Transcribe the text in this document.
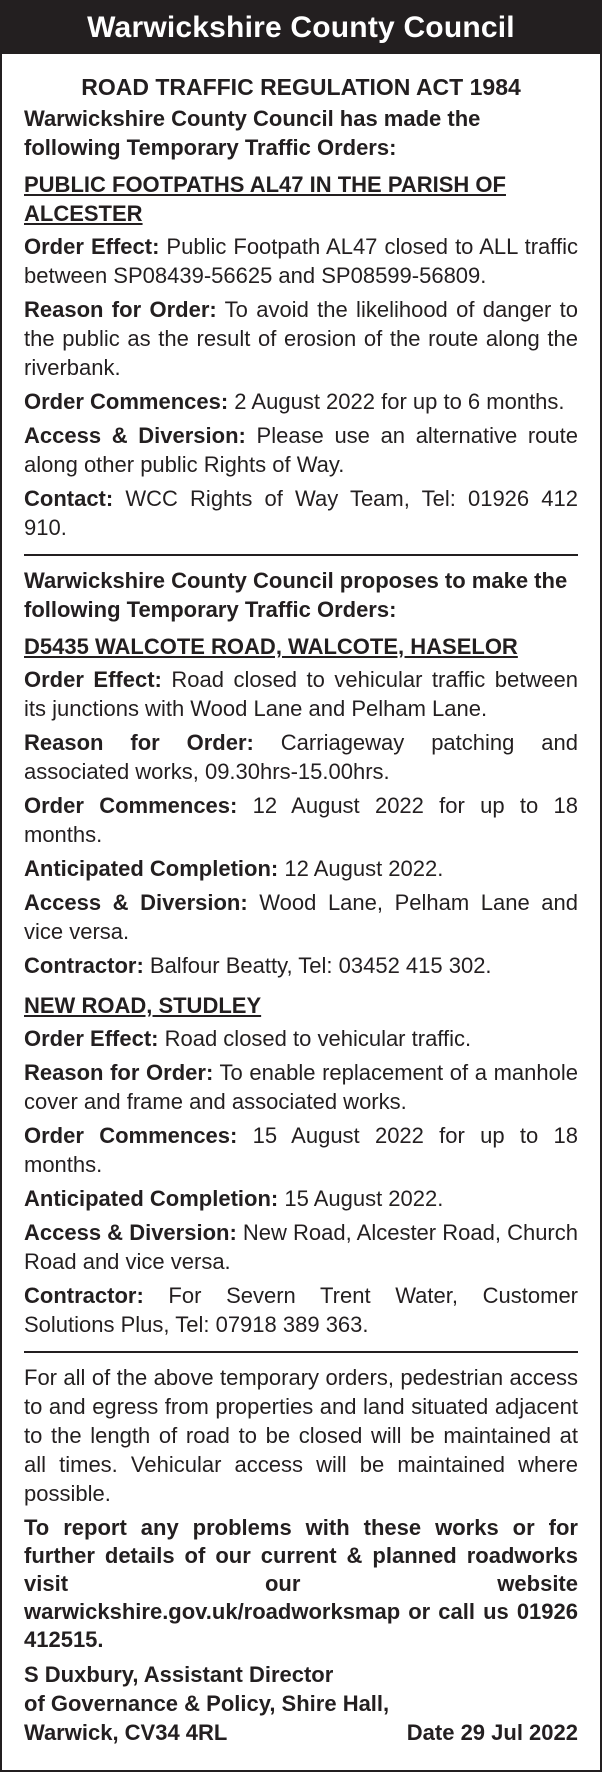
Warwickshire County Council
ROAD TRAFFIC REGULATION ACT 1984
Warwickshire County Council has made the following Temporary Traffic Orders:
PUBLIC FOOTPATHS AL47 IN THE PARISH OF ALCESTER
Order Effect: Public Footpath AL47 closed to ALL traffic between SP08439-56625 and SP08599-56809.
Reason for Order: To avoid the likelihood of danger to the public as the result of erosion of the route along the riverbank.
Order Commences: 2 August 2022 for up to 6 months.
Access & Diversion: Please use an alternative route along other public Rights of Way.
Contact: WCC Rights of Way Team, Tel: 01926 412 910.
Warwickshire County Council proposes to make the following Temporary Traffic Orders:
D5435 WALCOTE ROAD, WALCOTE, HASELOR
Order Effect: Road closed to vehicular traffic between its junctions with Wood Lane and Pelham Lane.
Reason for Order: Carriageway patching and associated works, 09.30hrs-15.00hrs.
Order Commences: 12 August 2022 for up to 18 months.
Anticipated Completion: 12 August 2022.
Access & Diversion: Wood Lane, Pelham Lane and vice versa.
Contractor: Balfour Beatty, Tel: 03452 415 302.
NEW ROAD, STUDLEY
Order Effect: Road closed to vehicular traffic.
Reason for Order: To enable replacement of a manhole cover and frame and associated works.
Order Commences: 15 August 2022 for up to 18 months.
Anticipated Completion: 15 August 2022.
Access & Diversion: New Road, Alcester Road, Church Road and vice versa.
Contractor: For Severn Trent Water, Customer Solutions Plus, Tel: 07918 389 363.
For all of the above temporary orders, pedestrian access to and egress from properties and land situated adjacent to the length of road to be closed will be maintained at all times. Vehicular access will be maintained where possible.
To report any problems with these works or for further details of our current & planned roadworks visit our website warwickshire.gov.uk/roadworksmap or call us 01926 412515.
S Duxbury, Assistant Director
of Governance & Policy, Shire Hall,
Warwick, CV34 4RL	Date 29 Jul 2022
